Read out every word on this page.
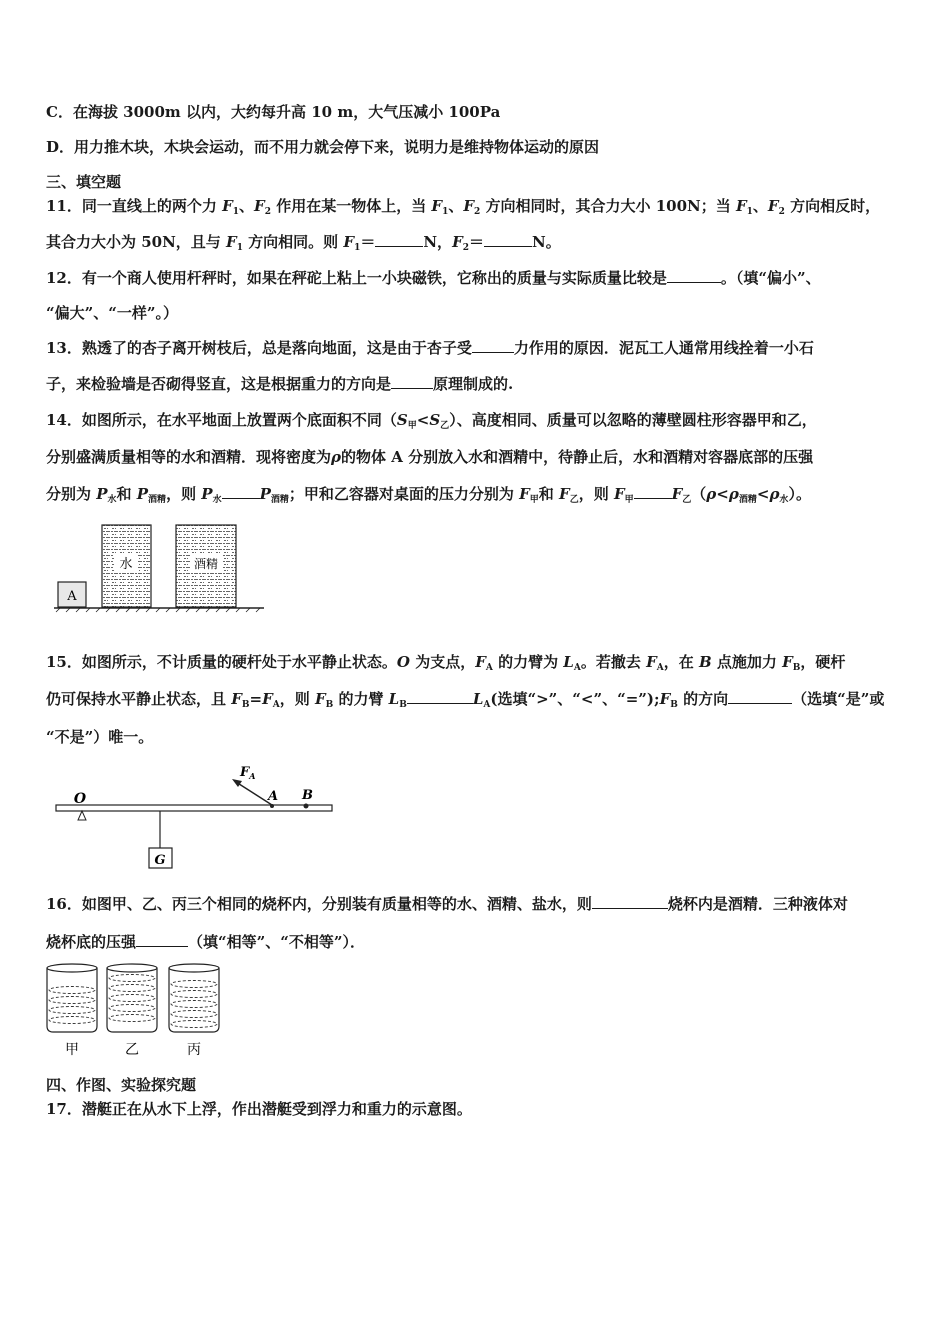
C．在海拔 3000m 以内，大约每升高 10 m，大气压减小 100Pa
D．用力推木块，木块会运动，而不用力就会停下来，说明力是维持物体运动的原因
三、填空题
11．同一直线上的两个力 $F_1$、$F_2$ 作用在某一物体上，当 $F_1$、$F_2$ 方向相同时，其合力大小 100N；当 $F_1$、$F_2$ 方向相反时，
其合力大小为 50N，且与 $F_1$ 方向相同。则 $F_1=$	N，$F_2=$	N。
12．有一个商人使用杆秤时，如果在秤砣上粘上一小块磁铁，它称出的质量与实际质量比较是	。（填“偏小”、
“偏大”、“一样”。）
13．熟透了的杏子离开树枝后，总是落向地面，这是由于杏子受	力作用的原因．泥瓦工人通常用线拴着一小石
子，来检验墙是否砌得竖直，这是根据重力的方向是	原理制成的.
14．如图所示，在水平地面上放置两个底面积不同$(S_甲<S_乙)$、高度相同、质量可以忽略的薄壁圆柱形容器甲和乙，
分别盛满质量相等的水和酒精．现将密度为ρ的物体 A 分别放入水和酒精中，待静止后，水和酒精对容器底部的压强
分别为 $P_水$和 $P_{酒精}$，则 $P_水$	$P_{酒精}$；甲和乙容器对桌面的压力分别为 $F_甲$和 $F_乙$，则 $F_甲$	$F_乙(\rho<\rho_{酒精}<\rho_水)$。
水	酒精
A
15．如图所示，不计质量的硬杆处于水平静止状态。O 为支点，$F_A$ 的力臂为 $L_A$。若撤去 $F_A$，在 B 点施加力 $F_B$，硬杆
仍可保持水平静止状态，且 $F_B=F_A$，则 $F_B$ 的力臂 $L_B$	$L_A$(选填“>”、“<”、“$=”);F_B$ 的方向	（选填“是”或
“不是”）唯一。
O
G
$F_A$
A B
16．如图甲、乙、丙三个相同的烧杯内，分别装有质量相等的水、酒精、盐水，则	烧杯内是酒精．三种液体对
烧杯底的压强	（填“相等”、“不相等”）．
甲	乙	丙
四、作图、实验探究题
17．潜艇正在从水下上浮，作出潜艇受到浮力和重力的示意图。
